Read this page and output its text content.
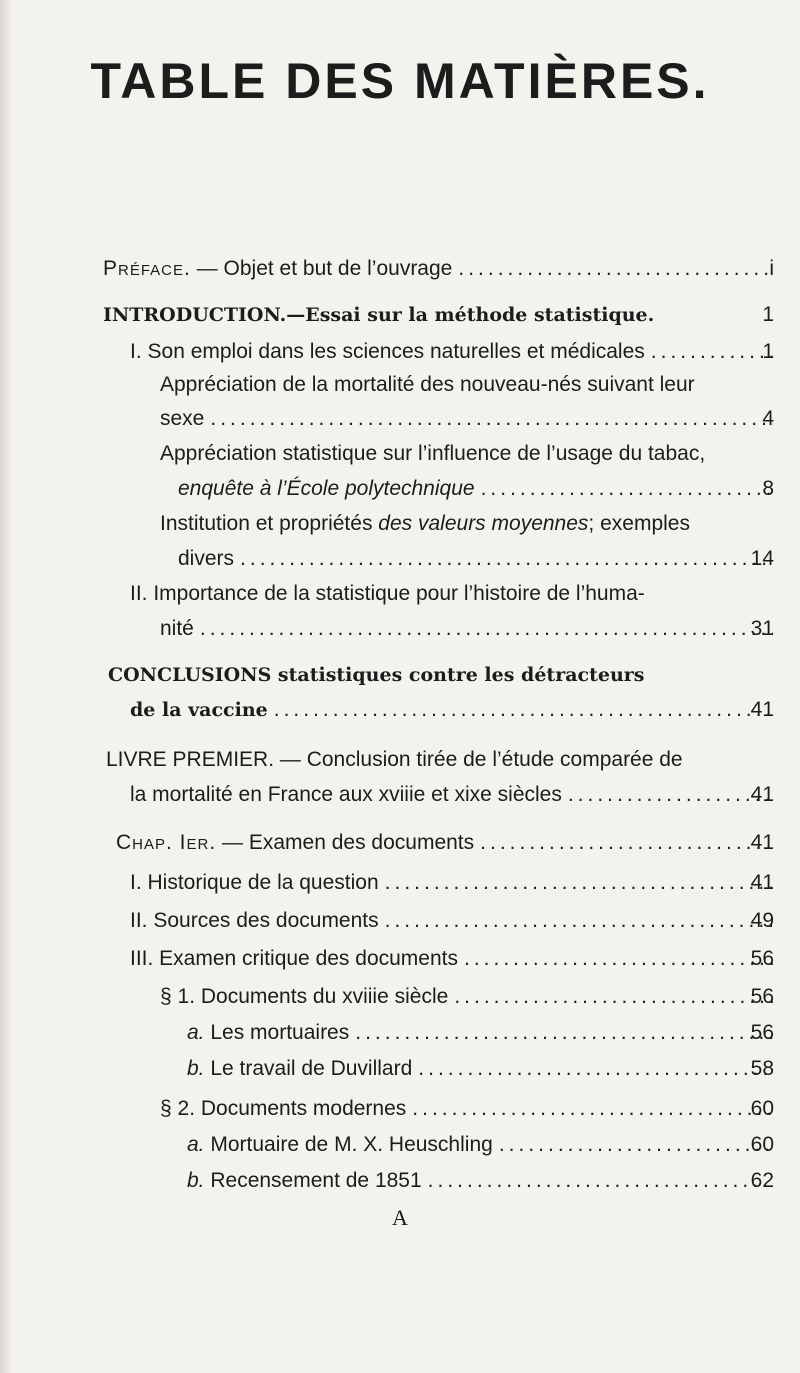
TABLE DES MATIÈRES.
Préface. — Objet et but de l’ouvrage .....	i
INTRODUCTION.—Essai sur la méthode statistique.	1
I. Son emploi dans les sciences naturelles et médicales .....	1
Appréciation de la mortalité des nouveau-nés suivant leur
sexe .....	4
Appréciation statistique sur l’influence de l’usage du tabac,
enquête à l’École polytechnique .....	8
Institution et propriétés des valeurs moyennes; exemples
divers .....	14
II. Importance de la statistique pour l’histoire de l’huma-
nité .....	31
CONCLUSIONS statistiques contre les détracteurs
de la vaccine .....	41
LIVRE PREMIER. — Conclusion tirée de l’étude comparée de
la mortalité en France aux xviiie et xixe siècles .....	41
Chap. Ier. — Examen des documents .....	41
I. Historique de la question .....	41
II. Sources des documents .....	49
III. Examen critique des documents .....	56
§ 1. Documents du xviiie siècle .....	56
a. Les mortuaires .....	56
b. Le travail de Duvillard .....	58
§ 2. Documents modernes .....	60
a. Mortuaire de M. X. Heuschling .....	60
b. Recensement de 1851 .....	62
A
